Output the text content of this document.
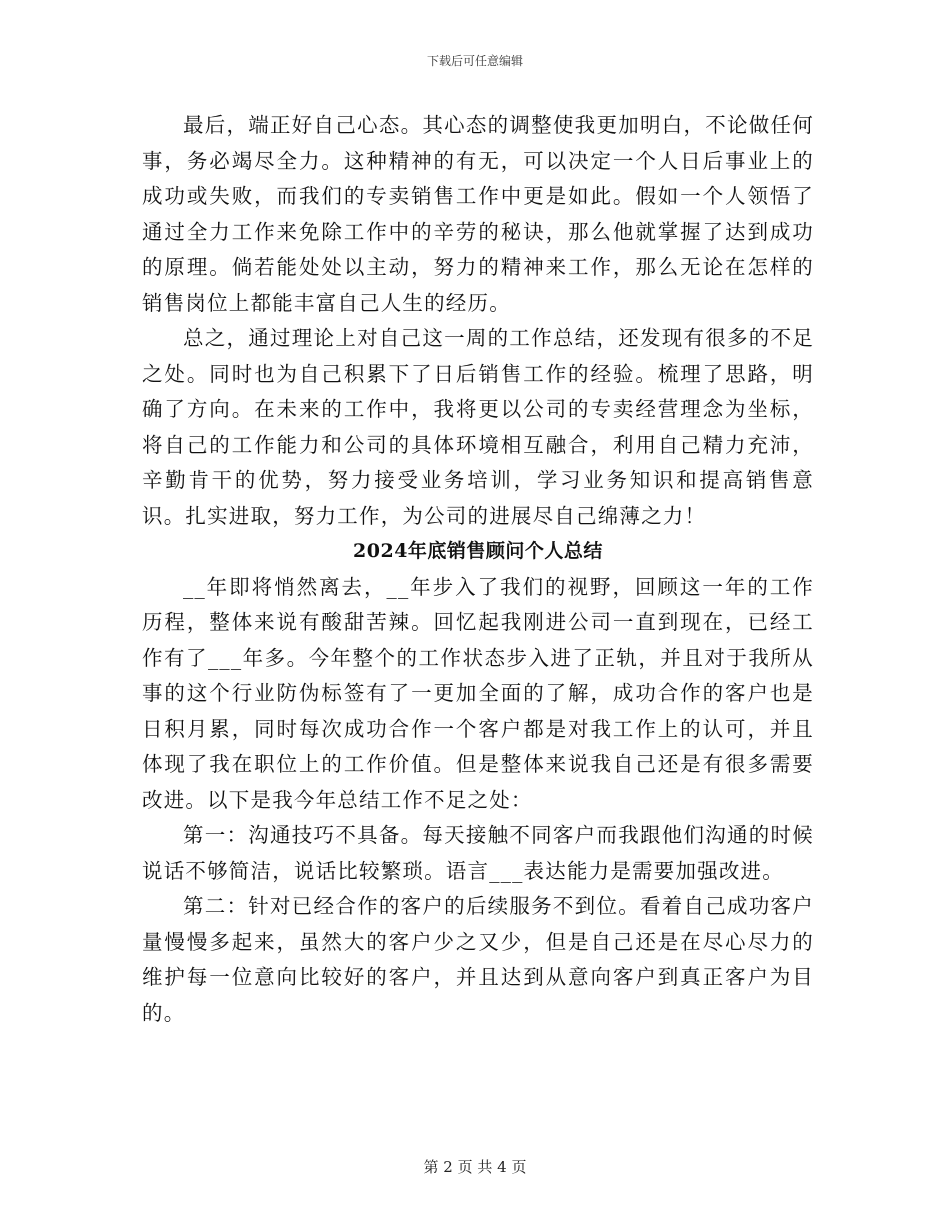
下载后可任意编辑

最后，端正好自己心态。其心态的调整使我更加明白，不论做任何事，务必竭尽全力。这种精神的有无，可以决定一个人日后事业上的成功或失败，而我们的专卖销售工作中更是如此。假如一个人领悟了通过全力工作来免除工作中的辛劳的秘诀，那么他就掌握了达到成功的原理。倘若能处处以主动，努力的精神来工作，那么无论在怎样的销售岗位上都能丰富自己人生的经历。

总之，通过理论上对自己这一周的工作总结，还发现有很多的不足之处。同时也为自己积累下了日后销售工作的经验。梳理了思路，明确了方向。在未来的工作中，我将更以公司的专卖经营理念为坐标，将自己的工作能力和公司的具体环境相互融合，利用自己精力充沛，辛勤肯干的优势，努力接受业务培训，学习业务知识和提高销售意识。扎实进取，努力工作，为公司的进展尽自己绵薄之力！

2024年底销售顾问个人总结

__年即将悄然离去，__年步入了我们的视野，回顾这一年的工作历程，整体来说有酸甜苦辣。回忆起我刚进公司一直到现在，已经工作有了___年多。今年整个的工作状态步入进了正轨，并且对于我所从事的这个行业防伪标签有了一更加全面的了解，成功合作的客户也是日积月累，同时每次成功合作一个客户都是对我工作上的认可，并且体现了我在职位上的工作价值。但是整体来说我自己还是有很多需要改进。以下是我今年总结工作不足之处：

第一：沟通技巧不具备。每天接触不同客户而我跟他们沟通的时候说话不够简洁，说话比较繁琐。语言___表达能力是需要加强改进。

第二：针对已经合作的客户的后续服务不到位。看着自己成功客户量慢慢多起来，虽然大的客户少之又少，但是自己还是在尽心尽力的维护每一位意向比较好的客户，并且达到从意向客户到真正客户为目的。

第 2 页 共 4 页
